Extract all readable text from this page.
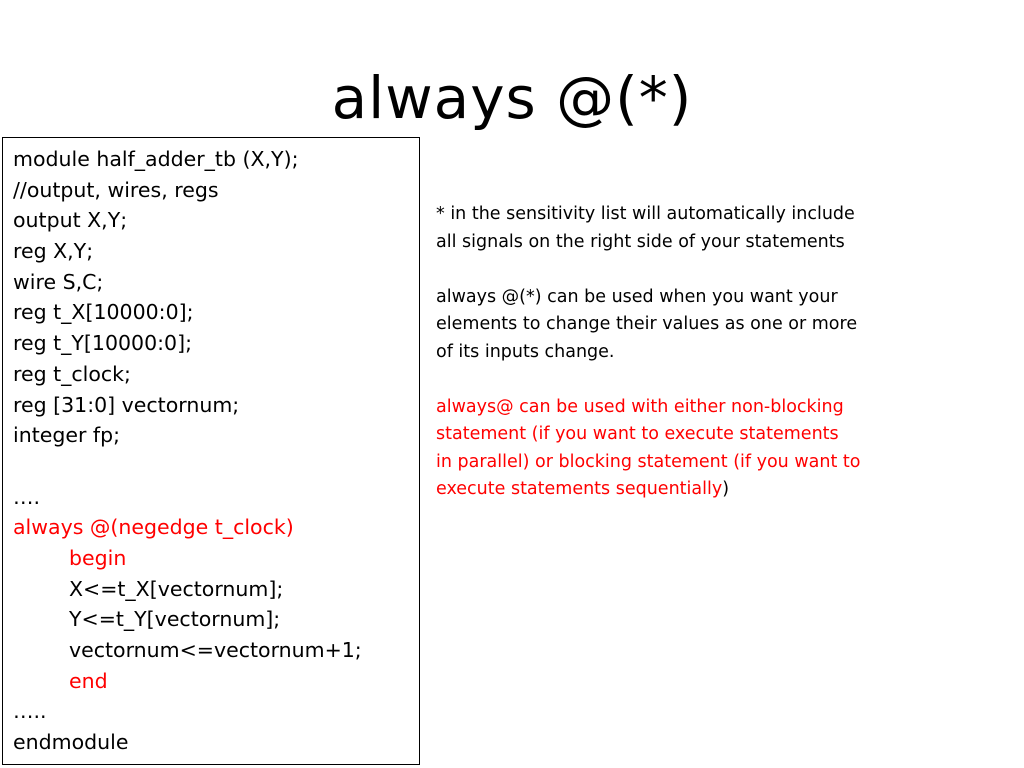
always @(*)
module half_adder_tb (X,Y);
//output, wires, regs
output X,Y;
reg X,Y;
wire S,C;
reg t_X[10000:0];
reg t_Y[10000:0];
reg t_clock;
reg [31:0] vectornum;
integer fp;
….
always @(negedge t_clock)
begin
X<=t_X[vectornum];
Y<=t_Y[vectornum];
vectornum<=vectornum+1;
end
…..
endmodule
* in the sensitivity list will automatically include
all signals on the right side of your statements
always @(*) can be used when you want your
elements to change their values as one or more
of its inputs change.
always@ can be used with either non-blocking
statement (if you want to execute statements
in parallel) or blocking statement (if you want to
execute statements sequentially)
